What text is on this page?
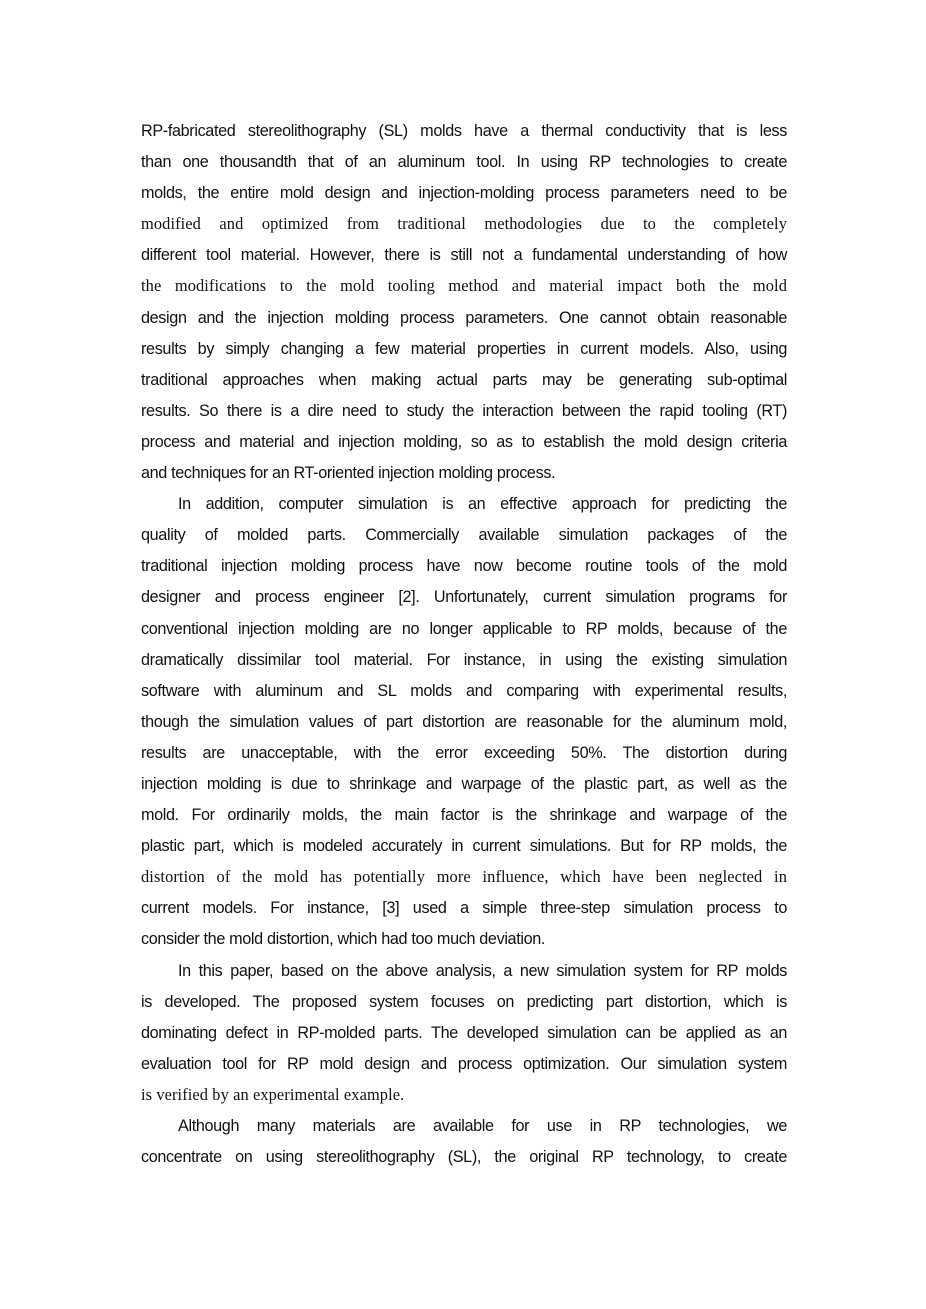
RP-fabricated stereolithography (SL) molds have a thermal conductivity that is less
than one thousandth that of an aluminum tool. In using RP technologies to create
molds, the entire mold design and injection-molding process parameters need to be
modified and optimized from traditional methodologies due to the completely
different tool material. However, there is still not a fundamental understanding of how
the modifications to the mold tooling method and material impact both the mold
design and the injection molding process parameters. One cannot obtain reasonable
results by simply changing a few material properties in current models. Also, using
traditional approaches when making actual parts may be generating sub-optimal
results. So there is a dire need to study the interaction between the rapid tooling (RT)
process and material and injection molding, so as to establish the mold design criteria
and techniques for an RT-oriented injection molding process.
In addition, computer simulation is an effective approach for predicting the
quality of molded parts. Commercially available simulation packages of the
traditional injection molding process have now become routine tools of the mold
designer and process engineer [2]. Unfortunately, current simulation programs for
conventional injection molding are no longer applicable to RP molds, because of the
dramatically dissimilar tool material. For instance, in using the existing simulation
software with aluminum and SL molds and comparing with experimental results,
though the simulation values of part distortion are reasonable for the aluminum mold,
results are unacceptable, with the error exceeding 50%. The distortion during
injection molding is due to shrinkage and warpage of the plastic part, as well as the
mold. For ordinarily molds, the main factor is the shrinkage and warpage of the
plastic part, which is modeled accurately in current simulations. But for RP molds, the
distortion of the mold has potentially more influence, which have been neglected in
current models. For instance, [3] used a simple three-step simulation process to
consider the mold distortion, which had too much deviation.
In this paper, based on the above analysis, a new simulation system for RP molds
is developed. The proposed system focuses on predicting part distortion, which is
dominating defect in RP-molded parts. The developed simulation can be applied as an
evaluation tool for RP mold design and process optimization. Our simulation system
is verified by an experimental example.
Although many materials are available for use in RP technologies, we
concentrate on using stereolithography (SL), the original RP technology, to create
